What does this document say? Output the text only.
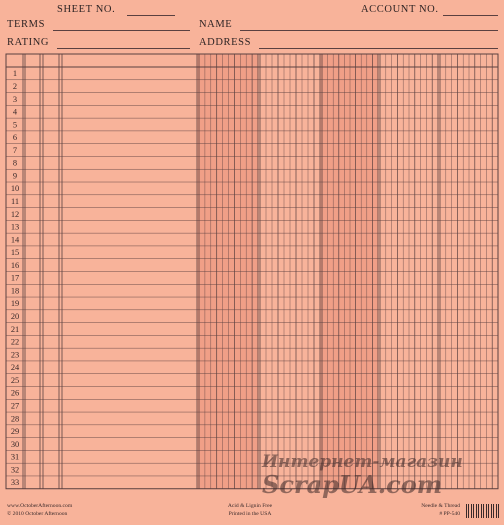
SHEET NO.	ACCOUNT NO.
TERMS	NAME
RATING	ADDRESS
1
2
3
4
5
6
7
8
9
10
11
12
13
14
15
16
17
18
19
20
21
22
23
24
25
26
27
28
29
30
31
32
33
www.OctoberAfternoon.com
© 2010 October Afternoon
Acid & Lignin Free
Printed in the USA
Needle & Thread
# PP-540
Интернет-магазин
ScrapUA.com
